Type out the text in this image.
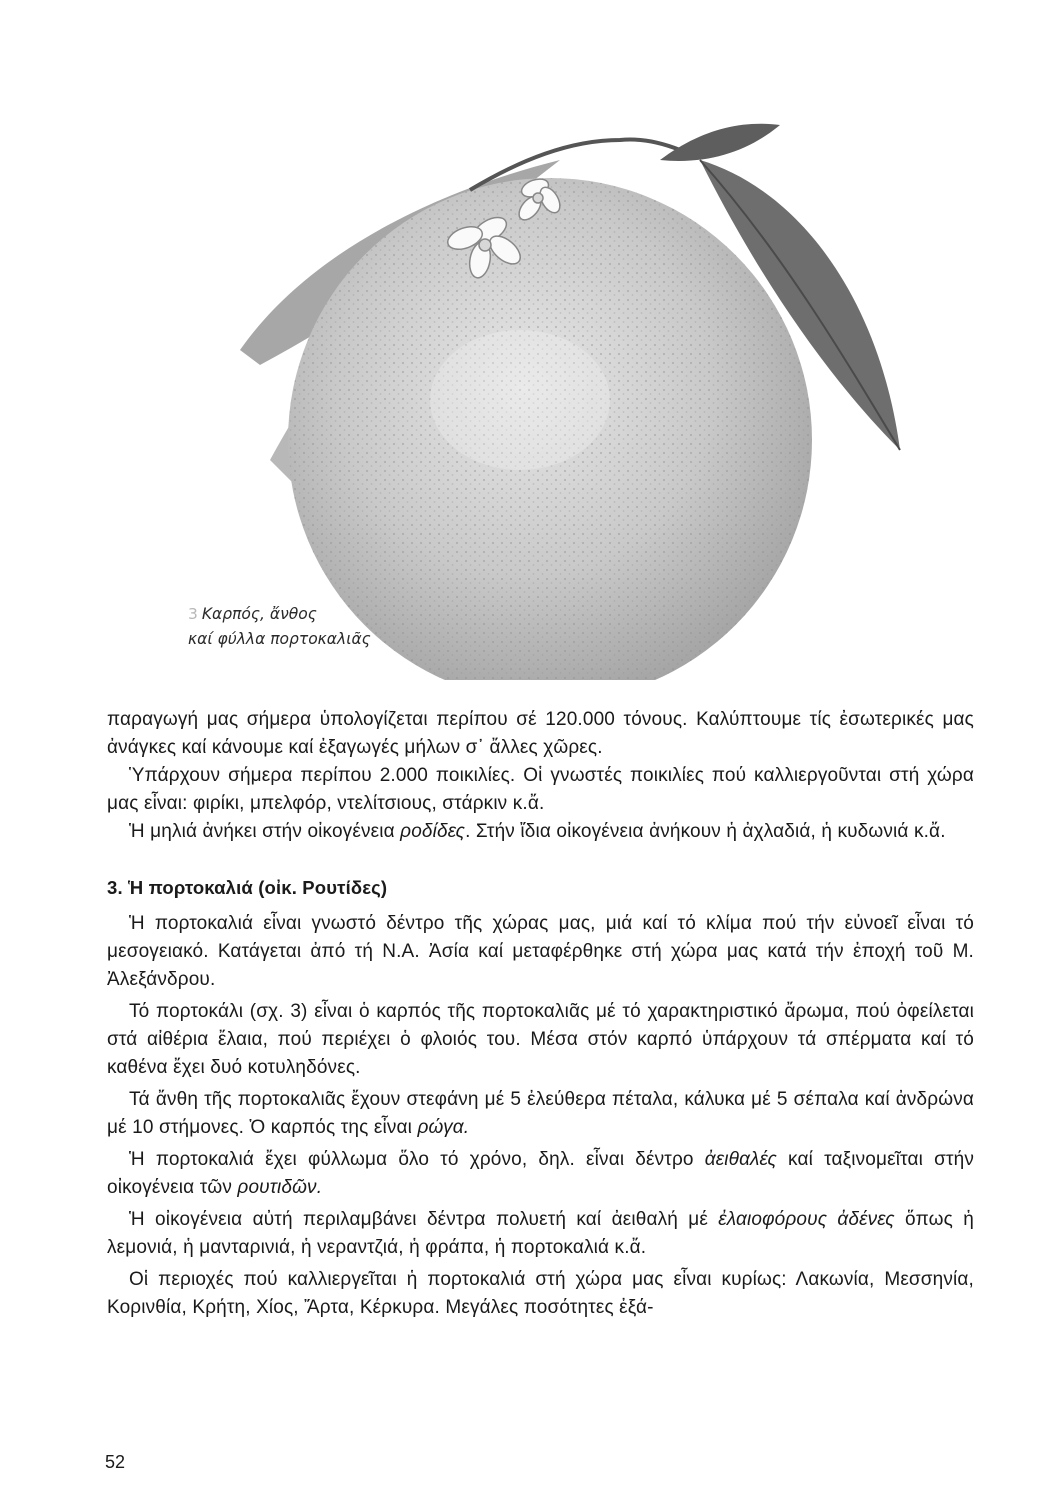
3 Καρπός, ἄνθος
καί φύλλα πορτοκαλιᾶς

παραγωγή μας σήμερα ὑπολογίζεται περίπου σέ 120.000 τόνους. Καλύπτουμε τίς ἐσωτερικές μας ἀνάγκες καί κάνουμε καί ἐξαγωγές μήλων σ᾽ ἄλλες χῶρες.

Ὑπάρχουν σήμερα περίπου 2.000 ποικιλίες. Οἱ γνωστές ποικιλίες πού καλλιεργοῦνται στή χώρα μας εἶναι: φιρίκι, μπελφόρ, ντελίτσιους, στάρκιν κ.ἄ.

Ἡ μηλιά ἀνήκει στήν οἰκογένεια ροδίδες. Στήν ἴδια οἰκογένεια ἀνήκουν ἡ ἀχλαδιά, ἡ κυδωνιά κ.ἄ.

3. Ἡ πορτοκαλιά (οἰκ. Ρουτίδες)

Ἡ πορτοκαλιά εἶναι γνωστό δέντρο τῆς χώρας μας, μιά καί τό κλίμα πού τήν εὐνοεῖ εἶναι τό μεσογειακό. Κατάγεται ἀπό τή Ν.Α. Ἀσία καί μεταφέρθηκε στή χώρα μας κατά τήν ἐποχή τοῦ Μ. Ἀλεξάνδρου.

Τό πορτοκάλι (σχ. 3) εἶναι ὁ καρπός τῆς πορτοκαλιᾶς μέ τό χαρακτηριστικό ἄρωμα, πού ὀφείλεται στά αἰθέρια ἔλαια, πού περιέχει ὁ φλοιός του. Μέσα στόν καρπό ὑπάρχουν τά σπέρματα καί τό καθένα ἔχει δυό κοτυληδόνες.

Τά ἄνθη τῆς πορτοκαλιᾶς ἔχουν στεφάνη μέ 5 ἐλεύθερα πέταλα, κάλυκα μέ 5 σέπαλα καί ἀνδρώνα μέ 10 στήμονες. Ὁ καρπός της εἶναι ρώγα.

Ἡ πορτοκαλιά ἔχει φύλλωμα ὅλο τό χρόνο, δηλ. εἶναι δέντρο ἀειθαλές καί ταξινομεῖται στήν οἰκογένεια τῶν ρουτιδῶν.

Ἡ οἰκογένεια αὐτή περιλαμβάνει δέντρα πολυετή καί ἀειθαλή μέ ἐλαιοφόρους ἀδένες ὅπως ἡ λεμονιά, ἡ μανταρινιά, ἡ νεραντζιά, ἡ φράπα, ἡ πορτοκαλιά κ.ἄ.

Οἱ περιοχές πού καλλιεργεῖται ἡ πορτοκαλιά στή χώρα μας εἶναι κυρίως: Λακωνία, Μεσσηνία, Κορινθία, Κρήτη, Χίος, Ἄρτα, Κέρκυρα. Μεγάλες ποσότητες ἐξά-

52
